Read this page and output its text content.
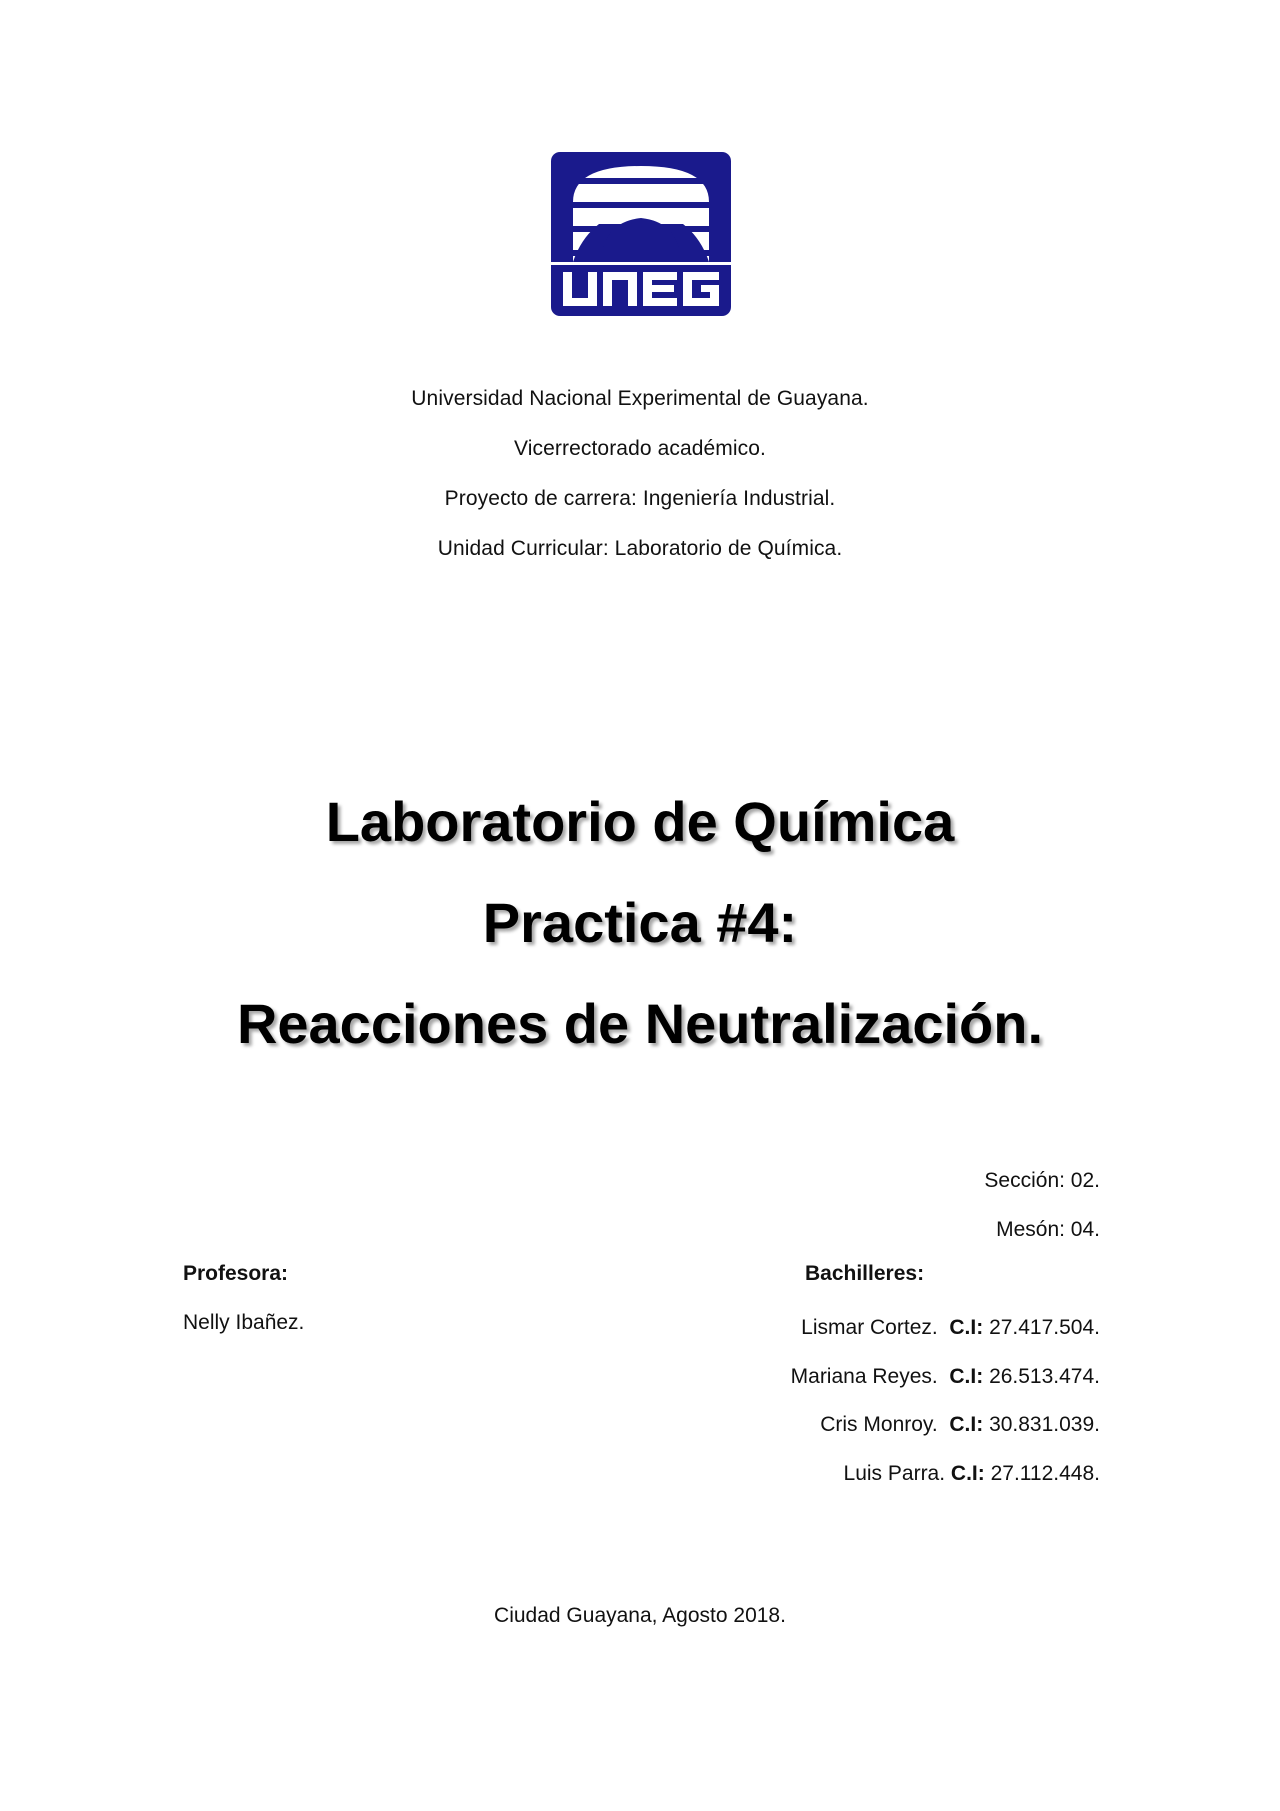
Universidad Nacional Experimental de Guayana.
Vicerrectorado académico.
Proyecto de carrera: Ingeniería Industrial.
Unidad Curricular: Laboratorio de Química.
Laboratorio de Química
Practica #4:
Reacciones de Neutralización.
Sección: 02.
Mesón: 04.
Profesora:
Nelly Ibañez.
Bachilleres:
Lismar Cortez. C.I: 27.417.504.
Mariana Reyes. C.I: 26.513.474.
Cris Monroy. C.I: 30.831.039.
Luis Parra. C.I: 27.112.448.
Ciudad Guayana, Agosto 2018.
